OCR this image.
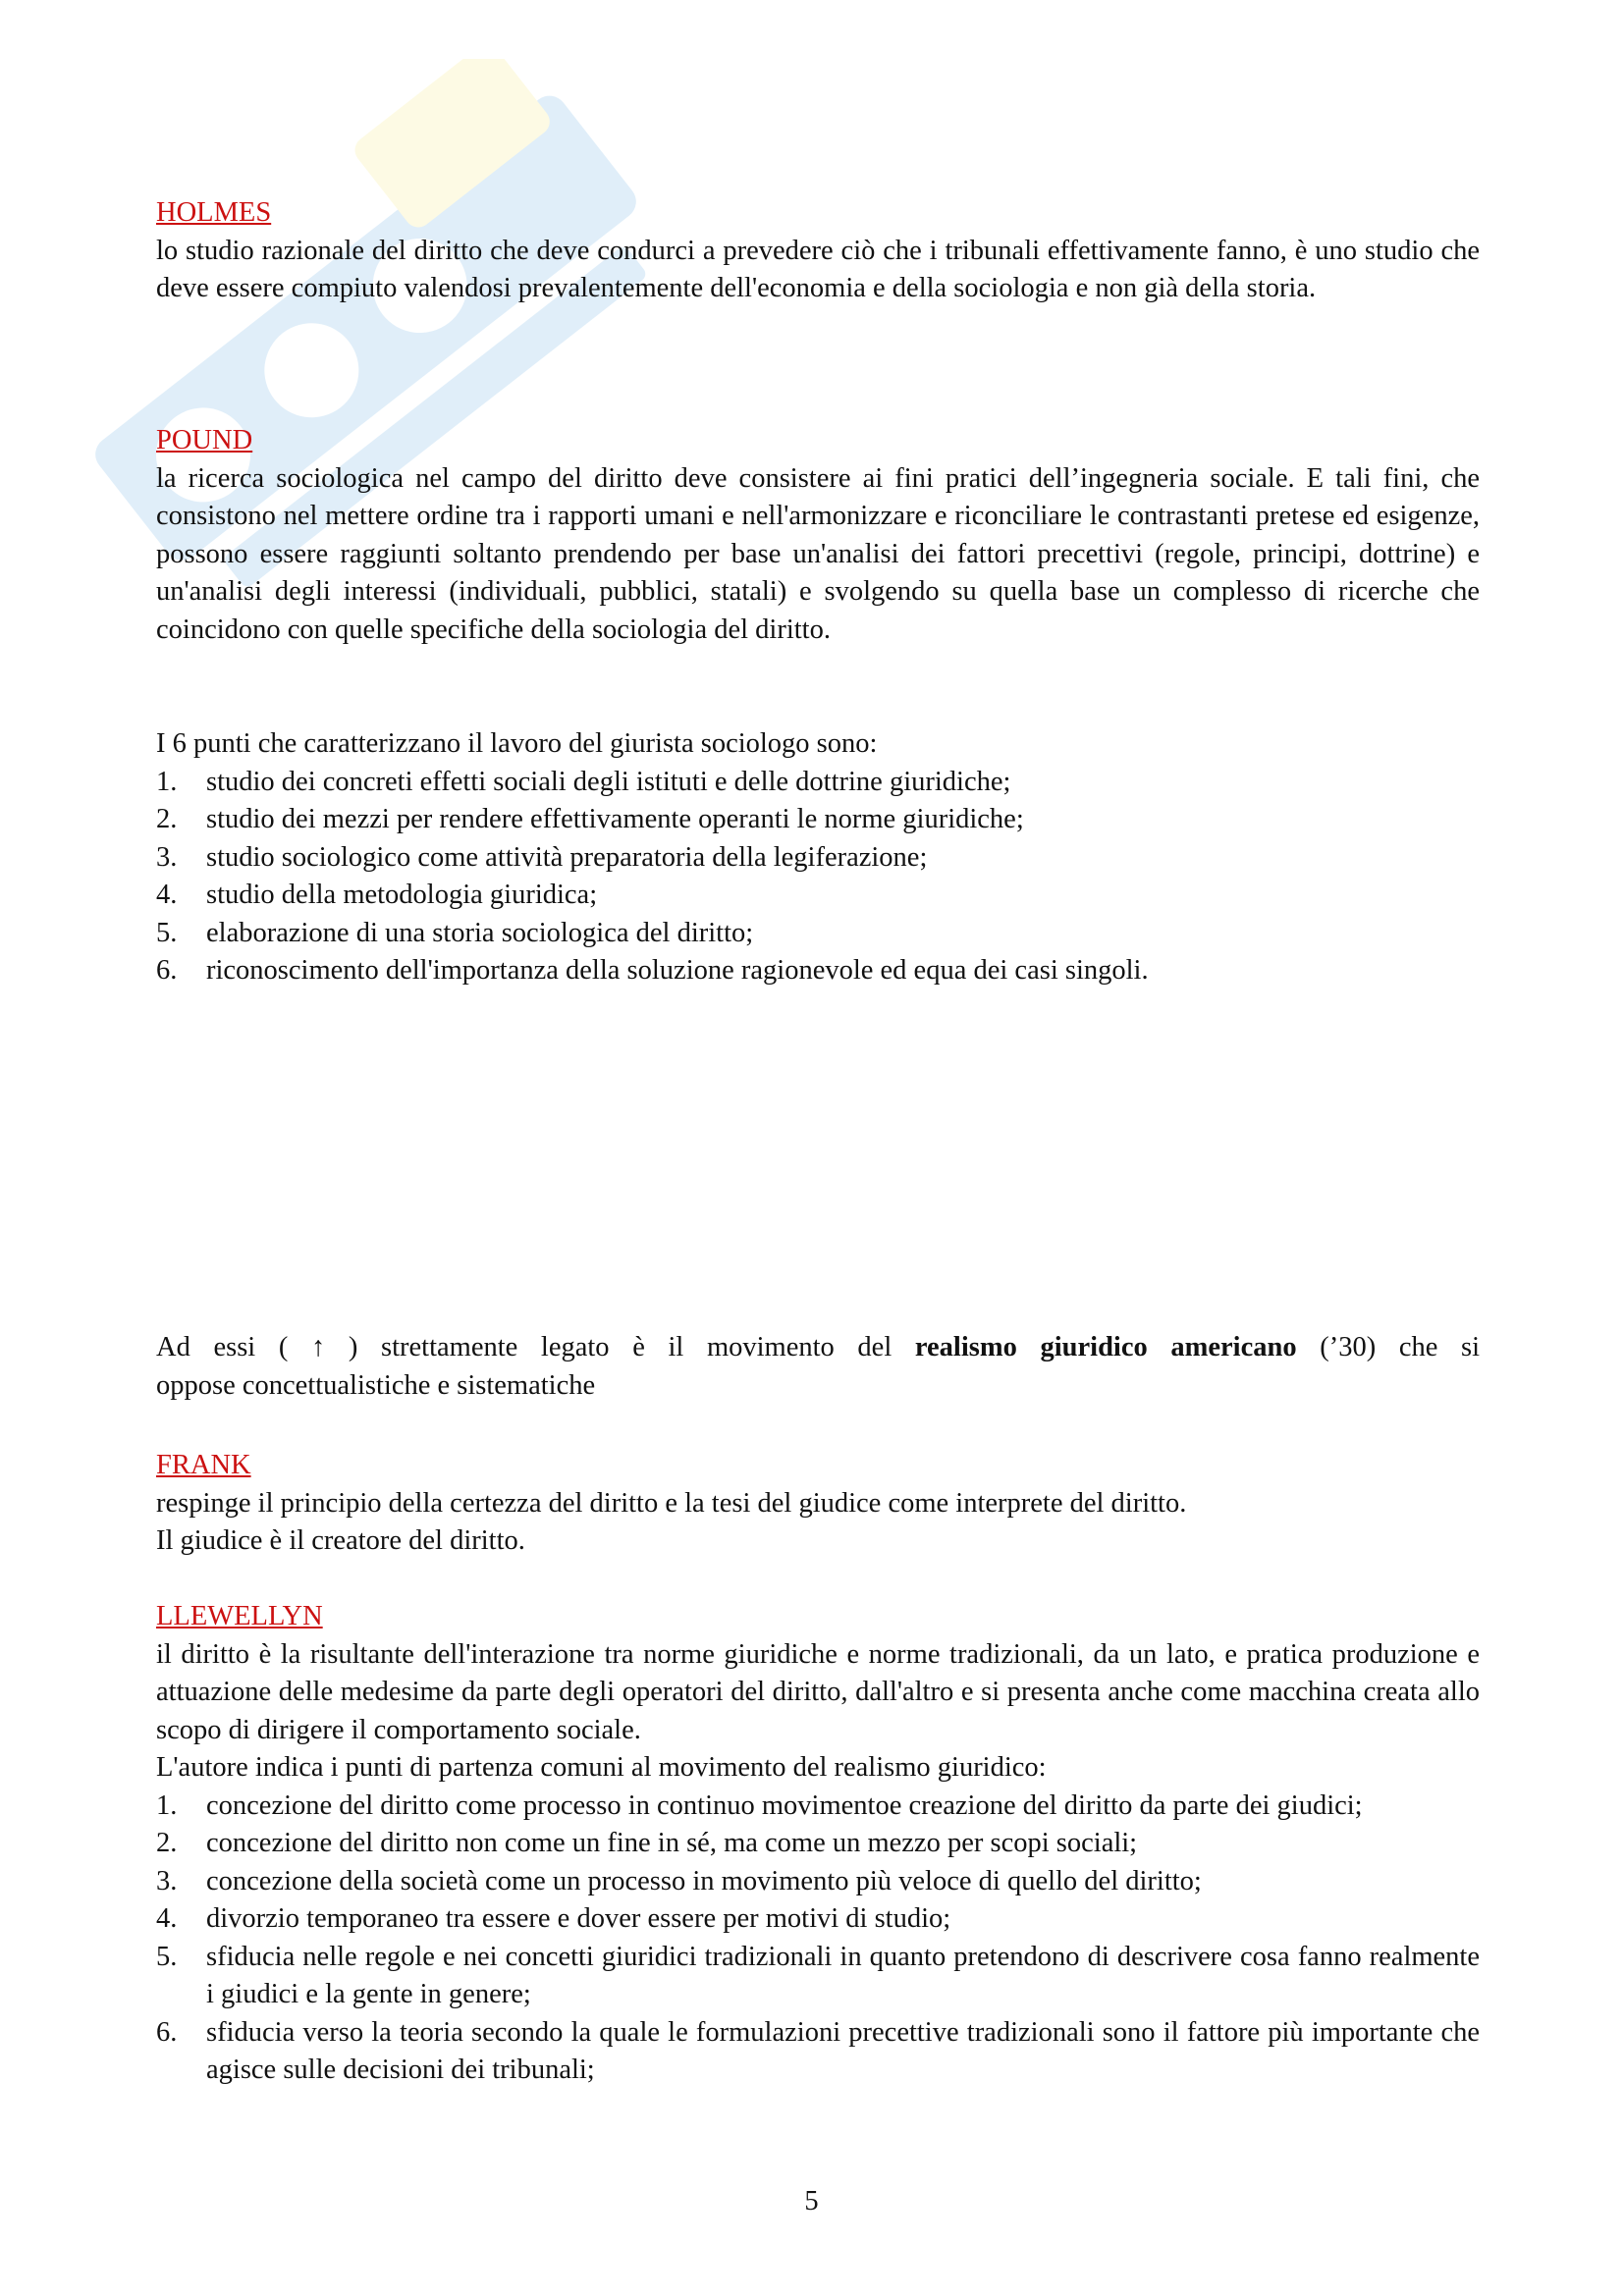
HOLMES
lo studio razionale del diritto che deve condurci a prevedere ciò che i tribunali effettivamente fanno, è uno studio che deve essere compiuto valendosi prevalentemente dell'economia e della sociologia e non già della storia.
POUND
la ricerca sociologica nel campo del diritto deve consistere ai fini pratici dell’ingegneria sociale. E tali fini, che consistono nel mettere ordine tra i rapporti umani e nell'armonizzare e riconciliare le contrastanti pretese ed esigenze, possono essere raggiunti soltanto prendendo per base un'analisi dei fattori precettivi (regole, principi, dottrine) e un'analisi degli interessi (individuali, pubblici, statali) e svolgendo su quella base un complesso di ricerche che coincidono con quelle specifiche della sociologia del diritto.
I 6 punti che caratterizzano il lavoro del giurista sociologo sono:
1. studio dei concreti effetti sociali degli istituti e delle dottrine giuridiche;
2. studio dei mezzi per rendere effettivamente operanti le norme giuridiche;
3. studio sociologico come attività preparatoria della legiferazione;
4. studio della metodologia giuridica;
5. elaborazione di una storia sociologica del diritto;
6. riconoscimento dell'importanza della soluzione ragionevole ed equa dei casi singoli.
Ad essi ( ↑ ) strettamente legato è il movimento del realismo giuridico americano (’30) che si
oppose concettualistiche e sistematiche
FRANK
respinge il principio della certezza del diritto e la tesi del giudice come interprete del diritto.
Il giudice è il creatore del diritto.
LLEWELLYN
il diritto è la risultante dell'interazione tra norme giuridiche e norme tradizionali, da un lato, e pratica produzione e attuazione delle medesime da parte degli operatori del diritto, dall'altro e si presenta anche come macchina creata allo scopo di dirigere il comportamento sociale.
L'autore indica i punti di partenza comuni al movimento del realismo giuridico:
1. concezione del diritto come processo in continuo movimentoe creazione del diritto da parte dei giudici;
2. concezione del diritto non come un fine in sé, ma come un mezzo per scopi sociali;
3. concezione della società come un processo in movimento più veloce di quello del diritto;
4. divorzio temporaneo tra essere e dover essere per motivi di studio;
5. sfiducia nelle regole e nei concetti giuridici tradizionali in quanto pretendono di descrivere cosa fanno realmente i giudici e la gente in genere;
6. sfiducia verso la teoria secondo la quale le formulazioni precettive tradizionali sono il fattore più importante che agisce sulle decisioni dei tribunali;
5
